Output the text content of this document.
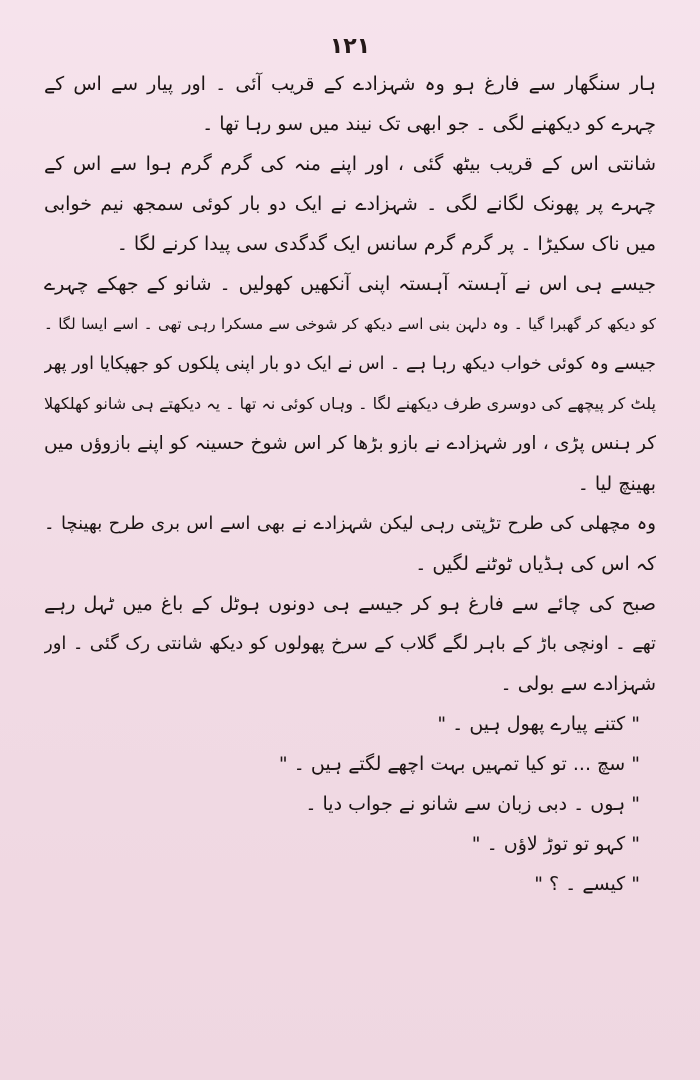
۱۲۱
ہار سنگھار سے فارغ ہو وہ شہزادے کے قریب آئی ۔ اور پیار سے اس کے
چہرے کو دیکھنے لگی ۔ جو ابھی تک نیند میں سو رہا تھا ۔
شانتی اس کے قریب بیٹھ گئی ، اور اپنے منہ کی گرم گرم ہوا سے اس کے
چہرے پر پھونک لگانے لگی ۔ شہزادے نے ایک دو بار کوئی سمجھ نیم خوابی
میں ناک سکیڑا ۔ پر گرم گرم سانس ایک گدگدی سی پیدا کرنے لگا ۔
جیسے ہی اس نے آہستہ آہستہ اپنی آنکھیں کھولیں ۔ شانو کے جھکے چہرے
کو دیکھ کر گھبرا گیا ۔ وہ دلہن بنی اسے دیکھ کر شوخی سے مسکرا رہی تھی ۔ اسے ایسا لگا ۔
جیسے وہ کوئی خواب دیکھ رہا ہے ۔ اس نے ایک دو بار اپنی پلکوں کو جھپکایا اور پھر
پلٹ کر پیچھے کی دوسری طرف دیکھنے لگا ۔ وہاں کوئی نہ تھا ۔ یہ دیکھتے ہی شانو کھلکھلا
کر ہنس پڑی ، اور شہزادے نے بازو بڑھا کر اس شوخ حسینہ کو اپنے بازوؤں میں
بھینچ لیا ۔
وہ مچھلی کی طرح تڑپتی رہی لیکن شہزادے نے بھی اسے اس بری طرح بھینچا ۔
کہ اس کی ہڈیاں ٹوٹنے لگیں ۔
صبح کی چائے سے فارغ ہو کر جیسے ہی دونوں ہوٹل کے باغ میں ٹہل رہے
تھے ۔ اونچی باڑ کے باہر لگے گلاب کے سرخ پھولوں کو دیکھ شانتی رک گئی ۔ اور
شہزادے سے بولی ۔
" کتنے پیارے پھول ہیں ۔ "
" سچ ... تو کیا تمہیں بہت اچھے لگتے ہیں ۔ "
" ہوں ۔ دبی زبان سے شانو نے جواب دیا ۔
" کہو تو توڑ لاؤں ۔ "
" کیسے ۔ ؟ "
